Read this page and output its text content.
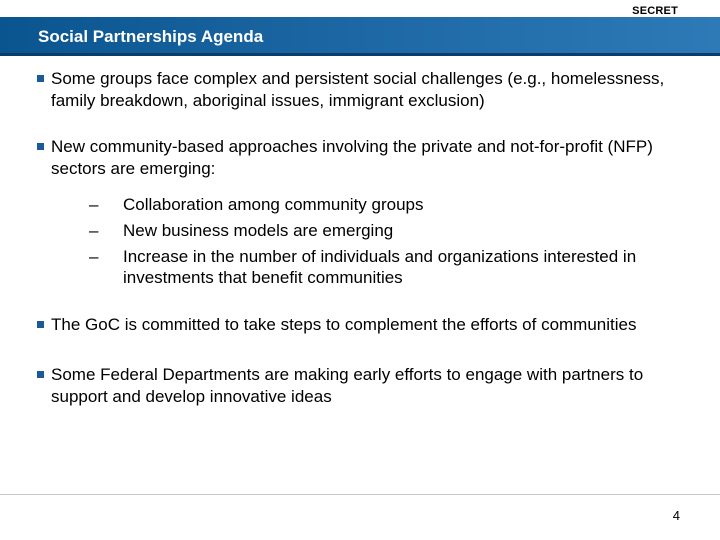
SECRET
Social Partnerships Agenda
Some groups face complex and persistent social challenges (e.g., homelessness, family breakdown, aboriginal issues, immigrant exclusion)
New community-based approaches involving the private and not-for-profit (NFP) sectors are emerging:
– Collaboration among community groups
– New business models are emerging
– Increase in the number of individuals and organizations interested in investments that benefit communities
The GoC is committed to take steps to complement the efforts of communities
Some Federal Departments are making early efforts to engage with partners to support and develop innovative ideas
4
